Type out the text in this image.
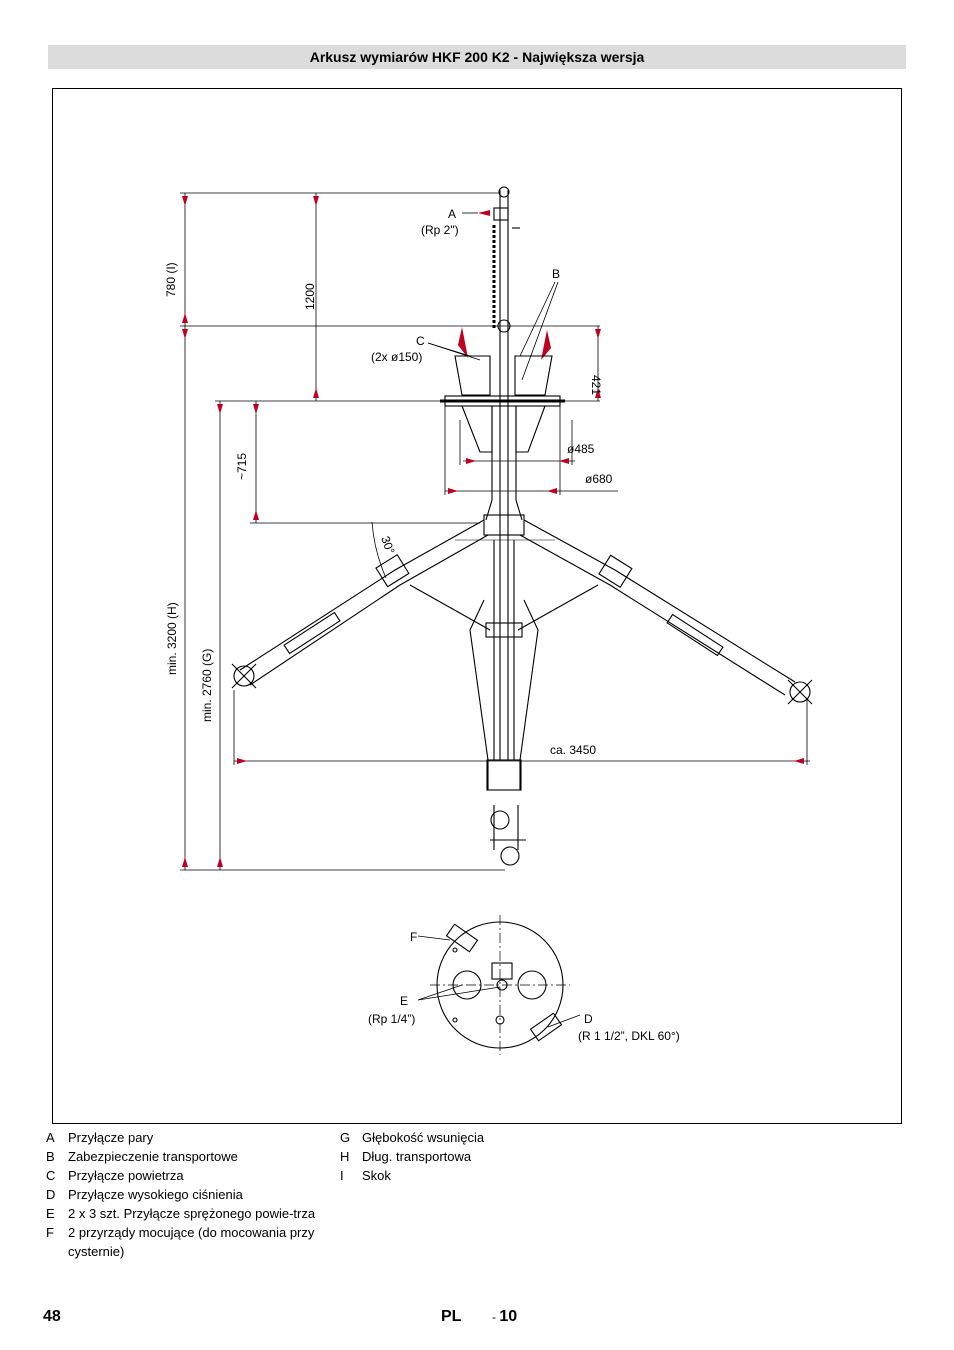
Arkusz wymiarów HKF 200 K2 - Największa wersja
A
(Rp 2")
B
C
(2x ø150)
F
E
(Rp 1/4”)	D
(R 1 1/2”, DKL 60°)
780 (I)	1200
421
~715
ø485
ø680
30°
min. 3200 (H)
min. 2760 (G)
ca. 3450
A	Przyłącze pary
B	Zabezpieczenie transportowe
C Przyłącze powietrza
D Przyłącze wysokiego ciśnienia
E	2 x 3 szt. Przyłącze sprężonego powie-trza
F	2 przyrządy mocujące (do mocowania przy cysternie)
G Głębokość wsunięcia
H Dług. transportowa
I	Skok
48	PL	- 10
